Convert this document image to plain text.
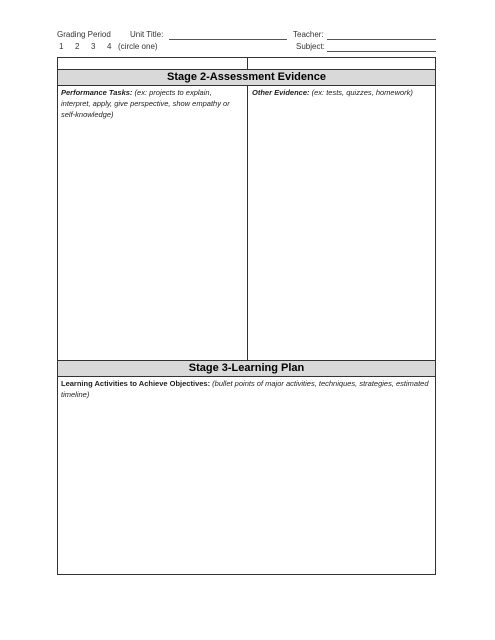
Grading Period Unit Title:	Teacher:
1 2 3 4 (circle one)	Subject:
Stage 2-Assessment Evidence
Performance Tasks: (ex: projects to explain, interpret, apply, give perspective, show empathy or self-knowledge)
Other Evidence: (ex: tests, quizzes, homework)
Stage 3-Learning Plan
Learning Activities to Achieve Objectives: (bullet points of major activities, techniques, strategies, estimated timeline)
